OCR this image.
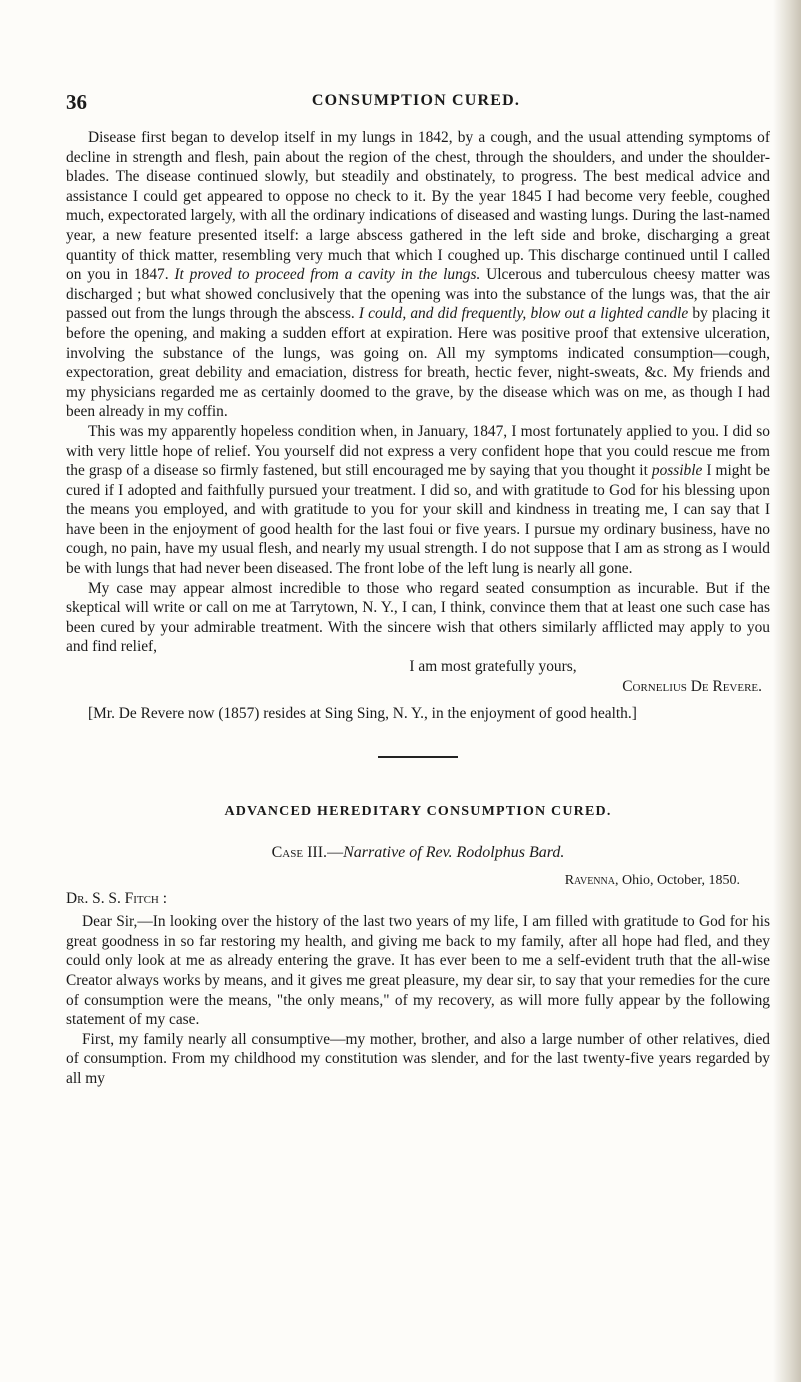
36	CONSUMPTION CURED.

Disease first began to develop itself in my lungs in 1842, by a cough, and the usual attending symptoms of decline in strength and flesh, pain about the region of the chest, through the shoulders, and under the shoulder-blades. The disease continued slowly, but steadily and obstinately, to progress. The best medical advice and assistance I could get appeared to oppose no check to it. By the year 1845 I had become very feeble, coughed much, expectorated largely, with all the ordinary indications of diseased and wasting lungs. During the last-named year, a new feature presented itself: a large abscess gathered in the left side and broke, discharging a great quantity of thick matter, resembling very much that which I coughed up. This discharge continued until I called on you in 1847. It proved to proceed from a cavity in the lungs. Ulcerous and tuberculous cheesy matter was discharged ; but what showed conclusively that the opening was into the substance of the lungs was, that the air passed out from the lungs through the abscess. I could, and did frequently, blow out a lighted candle by placing it before the opening, and making a sudden effort at expiration. Here was positive proof that extensive ulceration, involving the substance of the lungs, was going on. All my symptoms indicated consumption—cough, expectoration, great debility and emaciation, distress for breath, hectic fever, night-sweats, &c. My friends and my physicians regarded me as certainly doomed to the grave, by the disease which was on me, as though I had been already in my coffin.

This was my apparently hopeless condition when, in January, 1847, I most fortunately applied to you. I did so with very little hope of relief. You yourself did not express a very confident hope that you could rescue me from the grasp of a disease so firmly fastened, but still encouraged me by saying that you thought it possible I might be cured if I adopted and faithfully pursued your treatment. I did so, and with gratitude to God for his blessing upon the means you employed, and with gratitude to you for your skill and kindness in treating me, I can say that I have been in the enjoyment of good health for the last foui or five years. I pursue my ordinary business, have no cough, no pain, have my usual flesh, and nearly my usual strength. I do not suppose that I am as strong as I would be with lungs that had never been diseased. The front lobe of the left lung is nearly all gone.

My case may appear almost incredible to those who regard seated consumption as incurable. But if the skeptical will write or call on me at Tarrytown, N. Y., I can, I think, convince them that at least one such case has been cured by your admirable treatment. With the sincere wish that others similarly afflicted may apply to you and find relief,

I am most gratefully yours,

Cornelius De Revere.

[Mr. De Revere now (1857) resides at Sing Sing, N. Y., in the enjoyment of good health.]

ADVANCED HEREDITARY CONSUMPTION CURED.
Case III.—Narrative of Rev. Rodolphus Bard.
Ravenna, Ohio, October, 1850.
Dr. S. S. Fitch :

Dear Sir,—In looking over the history of the last two years of my life, I am filled with gratitude to God for his great goodness in so far restoring my health, and giving me back to my family, after all hope had fled, and they could only look at me as already entering the grave. It has ever been to me a self-evident truth that the all-wise Creator always works by means, and it gives me great pleasure, my dear sir, to say that your remedies for the cure of consumption were the means, "the only means," of my recovery, as will more fully appear by the following statement of my case.

First, my family nearly all consumptive—my mother, brother, and also a large number of other relatives, died of consumption. From my childhood my constitution was slender, and for the last twenty-five years regarded by all my
